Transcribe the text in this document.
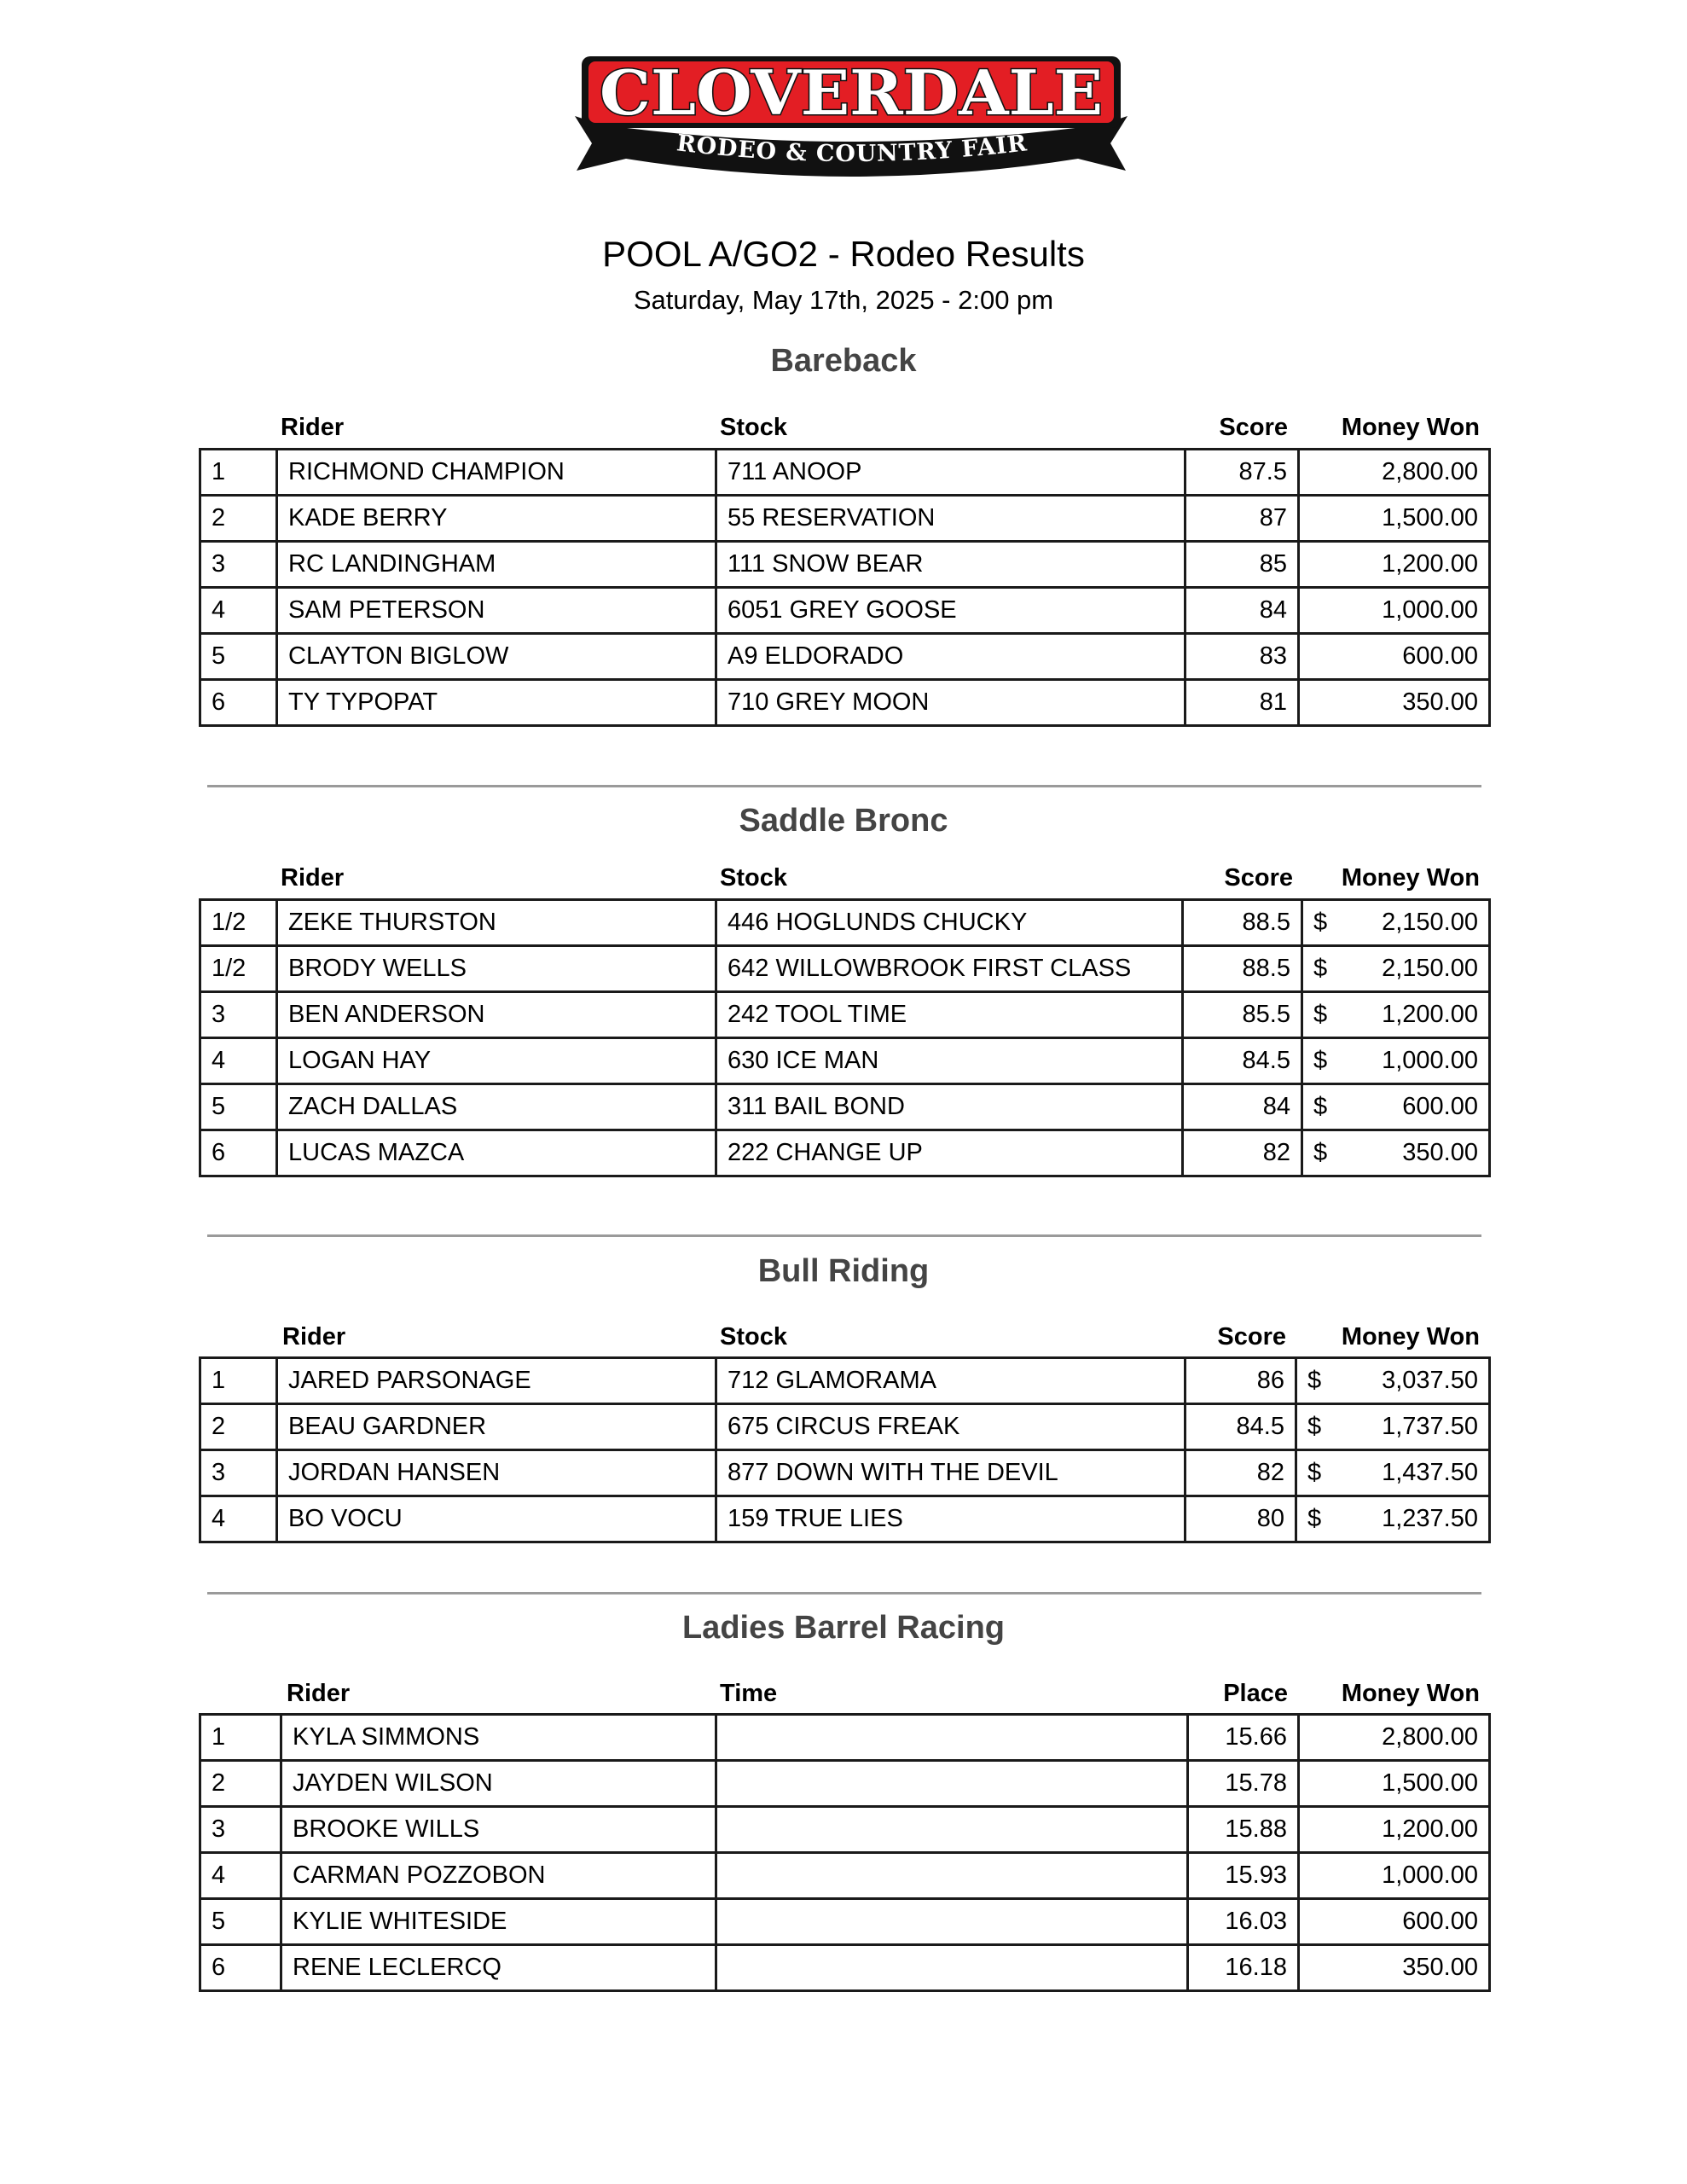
RODEO & COUNTRY FAIR
CLOVERDALE
POOL A/GO2 - Rodeo Results
Saturday, May 17th, 2025 - 2:00 pm
Bareback
Rider	Stock	Score	Money Won
1	RICHMOND CHAMPION	711 ANOOP	87.5	2,800.00
2	KADE BERRY	55 RESERVATION	87	1,500.00
3	RC LANDINGHAM	111 SNOW BEAR	85	1,200.00
4	SAM PETERSON	6051 GREY GOOSE	84	1,000.00
5	CLAYTON BIGLOW	A9 ELDORADO	83	600.00
6	TY TYPOPAT	710 GREY MOON	81	350.00
Saddle Bronc
Rider	Stock	Score	Money Won
1/2	ZEKE THURSTON	446 HOGLUNDS CHUCKY	88.5	$ 2,150.00

1/2	BRODY WELLS	642 WILLOWBROOK FIRST CLASS	88.5	$ 2,150.00

3	BEN ANDERSON	242 TOOL TIME	85.5	$ 1,200.00

4	LOGAN HAY	630 ICE MAN	84.5	$ 1,000.00

5	ZACH DALLAS	311 BAIL BOND	84	$ 600.00

6	LUCAS MAZCA	222 CHANGE UP	82	$ 350.00
Bull Riding
Rider	Stock	Score	Money Won
1	JARED PARSONAGE	712 GLAMORAMA	86	$ 3,037.50

2	BEAU GARDNER	675 CIRCUS FREAK	84.5	$ 1,737.50

3	JORDAN HANSEN	877 DOWN WITH THE DEVIL	82	$ 1,437.50

4	BO VOCU	159 TRUE LIES	80	$ 1,237.50
Ladies Barrel Racing
Rider	Time	Place	Money Won
1	KYLA SIMMONS		15.66	2,800.00
2	JAYDEN WILSON		15.78	1,500.00
3	BROOKE WILLS		15.88	1,200.00
4	CARMAN POZZOBON		15.93	1,000.00
5	KYLIE WHITESIDE		16.03	600.00
6	RENE LECLERCQ		16.18	350.00
